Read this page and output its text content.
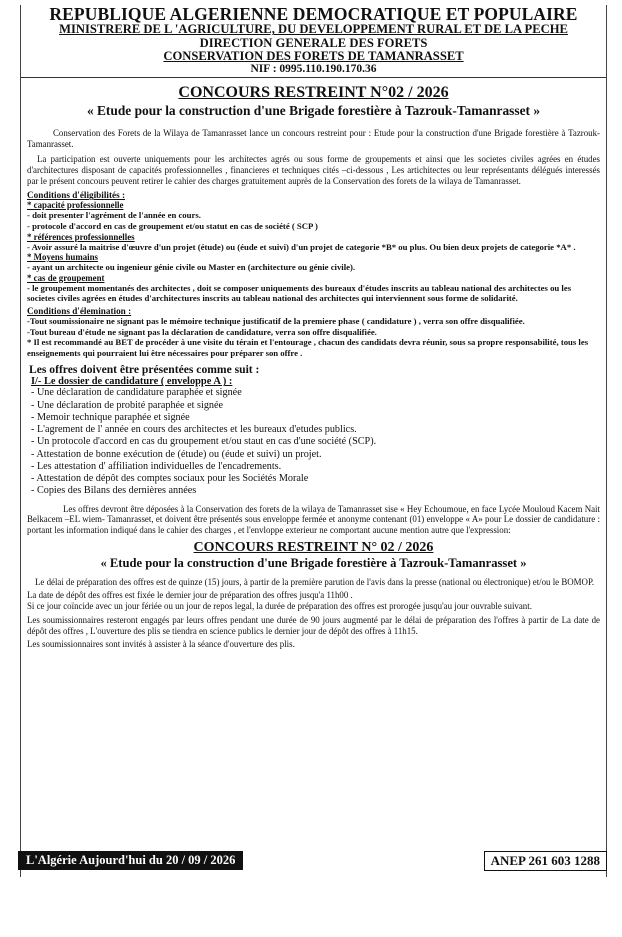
REPUBLIQUE ALGERIENNE DEMOCRATIQUE ET POPULAIRE
MINISTRERE DE L 'AGRICULTURE, DU DEVELOPPEMENT RURAL ET DE LA PECHE
DIRECTION GENERALE DES FORETS
CONSERVATION DES FORETS DE TAMANRASSET
NIF : 0995.110.190.170.36
CONCOURS RESTREINT N°02 / 2026
« Etude pour la construction d'une Brigade forestière à Tazrouk-Tamanrasset »

Conservation des Forets de la Wilaya de Tamanrasset lance un concours restreint pour : Etude pour la construction d'une Brigade forestière à Tazrouk-Tamanrasset.

La participation est ouverte uniquements pour les architectes agrés ou sous forme de groupements et ainsi que les societes civiles agrées en études d'architectures disposant de capacités professionnelles , financieres et techniques cités –ci-dessous , Les artichitectes ou leur représentants délégués interessés par le présent concours peuvent retirer le cahier des charges gratuitement auprès de la Conservation des forets de la wilaya de Tamanrasset.

Conditions d'éligibilités :
* capacité professionnelle
- doit presenter l'agrément de l'année en cours.
- protocole d'accord en cas de groupement et/ou statut en cas de société ( SCP )
* références professionnelles
- Avoir assuré la maitrise d'œuvre d'un projet (étude) ou (éude et suivi) d'un projet de categorie *B* ou plus. Ou bien deux projets de categorie *A* .
* Moyens humains
- ayant un architecte ou ingenieur génie civile ou Master en (architecture ou génie civile).
* cas de groupement
- le groupement momentanés des architectes , doit se composer uniquements des bureaux d'études inscrits au tableau national des architectes ou les societes civiles agrées en études d'architectures inscrits au tableau national des architectes qui interviennent sous forme de solidarité.
Conditions d'élemination :
-Tout soumissionaire ne signant pas le mémoire technique justificatif de la premiere phase ( candidature ) , verra son offre disqualifiée.
-Tout bureau d'étude ne signant pas la déclaration de candidature, verra son offre disqualifiée.
* Il est recommandé au BET de procéder à une visite du térain et l'entourage , chacun des candidats devra réunir, sous sa propre responsabilité, tous les enseignements qui pourraient lui être nécessaires pour préparer son offre .
Les offres doivent être présentées comme suit :
I/- Le dossier de candidature ( enveloppe A ) :
- Une déclaration de candidature paraphée et signée
- Une déclaration de probité paraphée et signée
- Memoir technique paraphée et signée
- L'agrement de l' année en cours des architectes et les bureaux d'etudes publics.
- Un protocole d'accord en cas du groupement et/ou staut en cas d'une société (SCP).
- Attestation de bonne exécution de (étude) ou (éude et suivi) un projet.
- Les attestation d' affiliation individuelles de l'encadrements.
- Attestation de dépôt des comptes sociaux pour les Sociétés Morale
- Copies des Bilans des dernières années

Les offres devront être déposées à la Conservation des forets de la wilaya de Tamanrasset sise « Hey Echoumoue, en face Lycée Mouloud Kacem Nait Belkacem –EL wiem- Tamanrasset, et doivent être présentés sous enveloppe fermée et anonyme contenant (01) enveloppe « A» pour Le dossier de candidature : portant les information indiqué dans le cahier des charges , et l'envloppe exterieur ne comportant aucune mention autre que l'expression:

CONCOURS RESTREINT N° 02 / 2026
« Etude pour la construction d'une Brigade forestière à Tazrouk-Tamanrasset »

Le délai de préparation des offres est de quinze (15) jours, à partir de la première parution de l'avis dans la presse (national ou électronique) et/ou le BOMOP.

La date de dépôt des offres est fixée le dernier jour de préparation des offres jusqu'a 11h00 .

Si ce jour coïncide avec un jour fériée ou un jour de repos legal, la durée de préparation des offres est prorogée jusqu'au jour ouvrable suivant.

Les soumissionnaires resteront engagés par leurs offres pendant une durée de 90 jours augmenté par le délai de préparation des l'offres à partir de La date de dépôt des offres , L'ouverture des plis se tiendra en science publics le dernier jour de dépôt des offres à 11h15.

Les soumissionnaires sont invités à assister à la séance d'ouverture des plis.

L'Algérie Aujourd'hui du 20 / 09 / 2026	ANEP 261 603 1288
